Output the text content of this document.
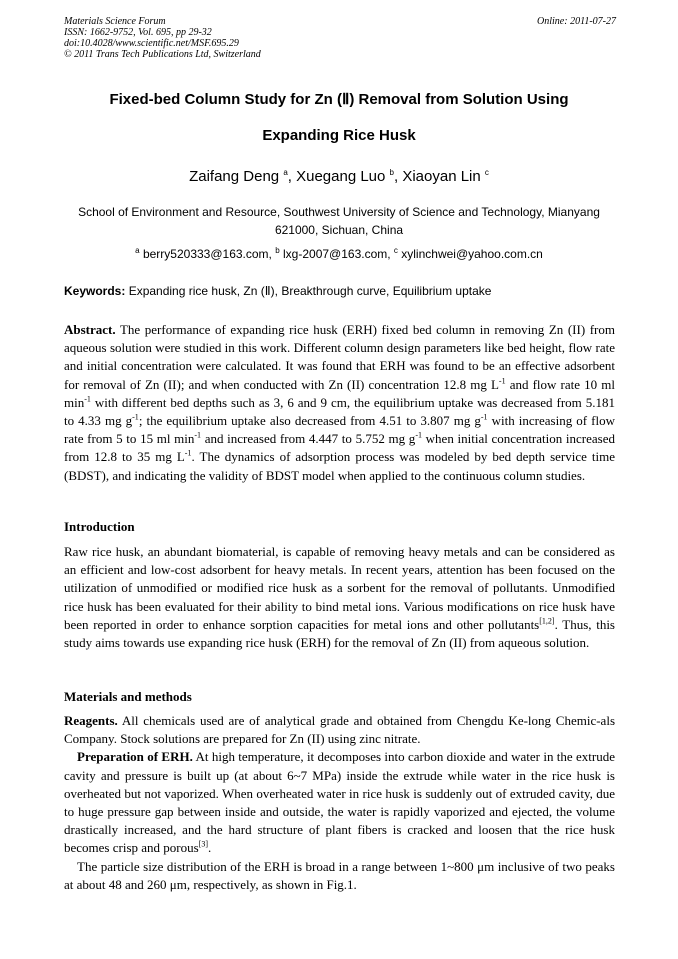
Materials Science Forum
ISSN: 1662-9752, Vol. 695, pp 29-32
doi:10.4028/www.scientific.net/MSF.695.29
© 2011 Trans Tech Publications Ltd, Switzerland
Online: 2011-07-27
Fixed-bed Column Study for Zn (Ⅱ) Removal from Solution Using
Expanding Rice Husk
Zaifang Deng $^a$, Xuegang Luo $^b$, Xiaoyan Lin $^c$
School of Environment and Resource, Southwest University of Science and Technology, Mianyang
621000, Sichuan, China
$^a$ berry520333@163.com, $^b$ lxg-2007@163.com, $^c$ xylinchwei@yahoo.com.cn
Keywords: Expanding rice husk, Zn (Ⅱ), Breakthrough curve, Equilibrium uptake
Abstract. The performance of expanding rice husk (ERH) fixed bed column in removing Zn (II) from aqueous solution were studied in this work. Different column design parameters like bed height, flow rate and initial concentration were calculated. It was found that ERH was found to be an effective adsorbent for removal of Zn (II); and when conducted with Zn (II) concentration 12.8 mg $L^{-1}$ and flow rate 10 ml $\min^{-1}$ with different bed depths such as 3, 6 and 9 cm, the equilibrium uptake was decreased from 5.181 to 4.33 mg $g^{-1}$; the equilibrium uptake also decreased from 4.51 to 3.807 mg $g^{-1}$ with increasing of flow rate from 5 to 15 ml $\min^{-1}$ and increased from 4.447 to 5.752 mg $g^{-1}$ when initial concentration increased from 12.8 to 35 mg $L^{-1}$. The dynamics of adsorption process was modeled by bed depth service time (BDST), and indicating the validity of BDST model when applied to the continuous column studies.
Introduction
Raw rice husk, an abundant biomaterial, is capable of removing heavy metals and can be considered as an efficient and low-cost adsorbent for heavy metals. In recent years, attention has been focused on the utilization of unmodified or modified rice husk as a sorbent for the removal of pollutants. Unmodified rice husk has been evaluated for their ability to bind metal ions. Various modifications on rice husk have been reported in order to enhance sorption capacities for metal ions and other pollutants[1,2]. Thus, this study aims towards use expanding rice husk (ERH) for the removal of Zn (II) from aqueous solution.
Materials and methods
Reagents. All chemicals used are of analytical grade and obtained from Chengdu Ke-long Chemic-als Company. Stock solutions are prepared for Zn (II) using zinc nitrate.
Preparation of ERH. At high temperature, it decomposes into carbon dioxide and water in the extrude cavity and pressure is built up (at about 6~7 MPa) inside the extrude while water in the rice husk is overheated but not vaporized. When overheated water in rice husk is suddenly out of extruded cavity, due to huge pressure gap between inside and outside, the water is rapidly vaporized and ejected, the volume drastically increased, and the hard structure of plant fibers is cracked and loosen that the rice husk becomes crisp and porous[3].
The particle size distribution of the ERH is broad in a range between 1~800 μm inclusive of two peaks at about 48 and 260 μm, respectively, as shown in Fig.1.
